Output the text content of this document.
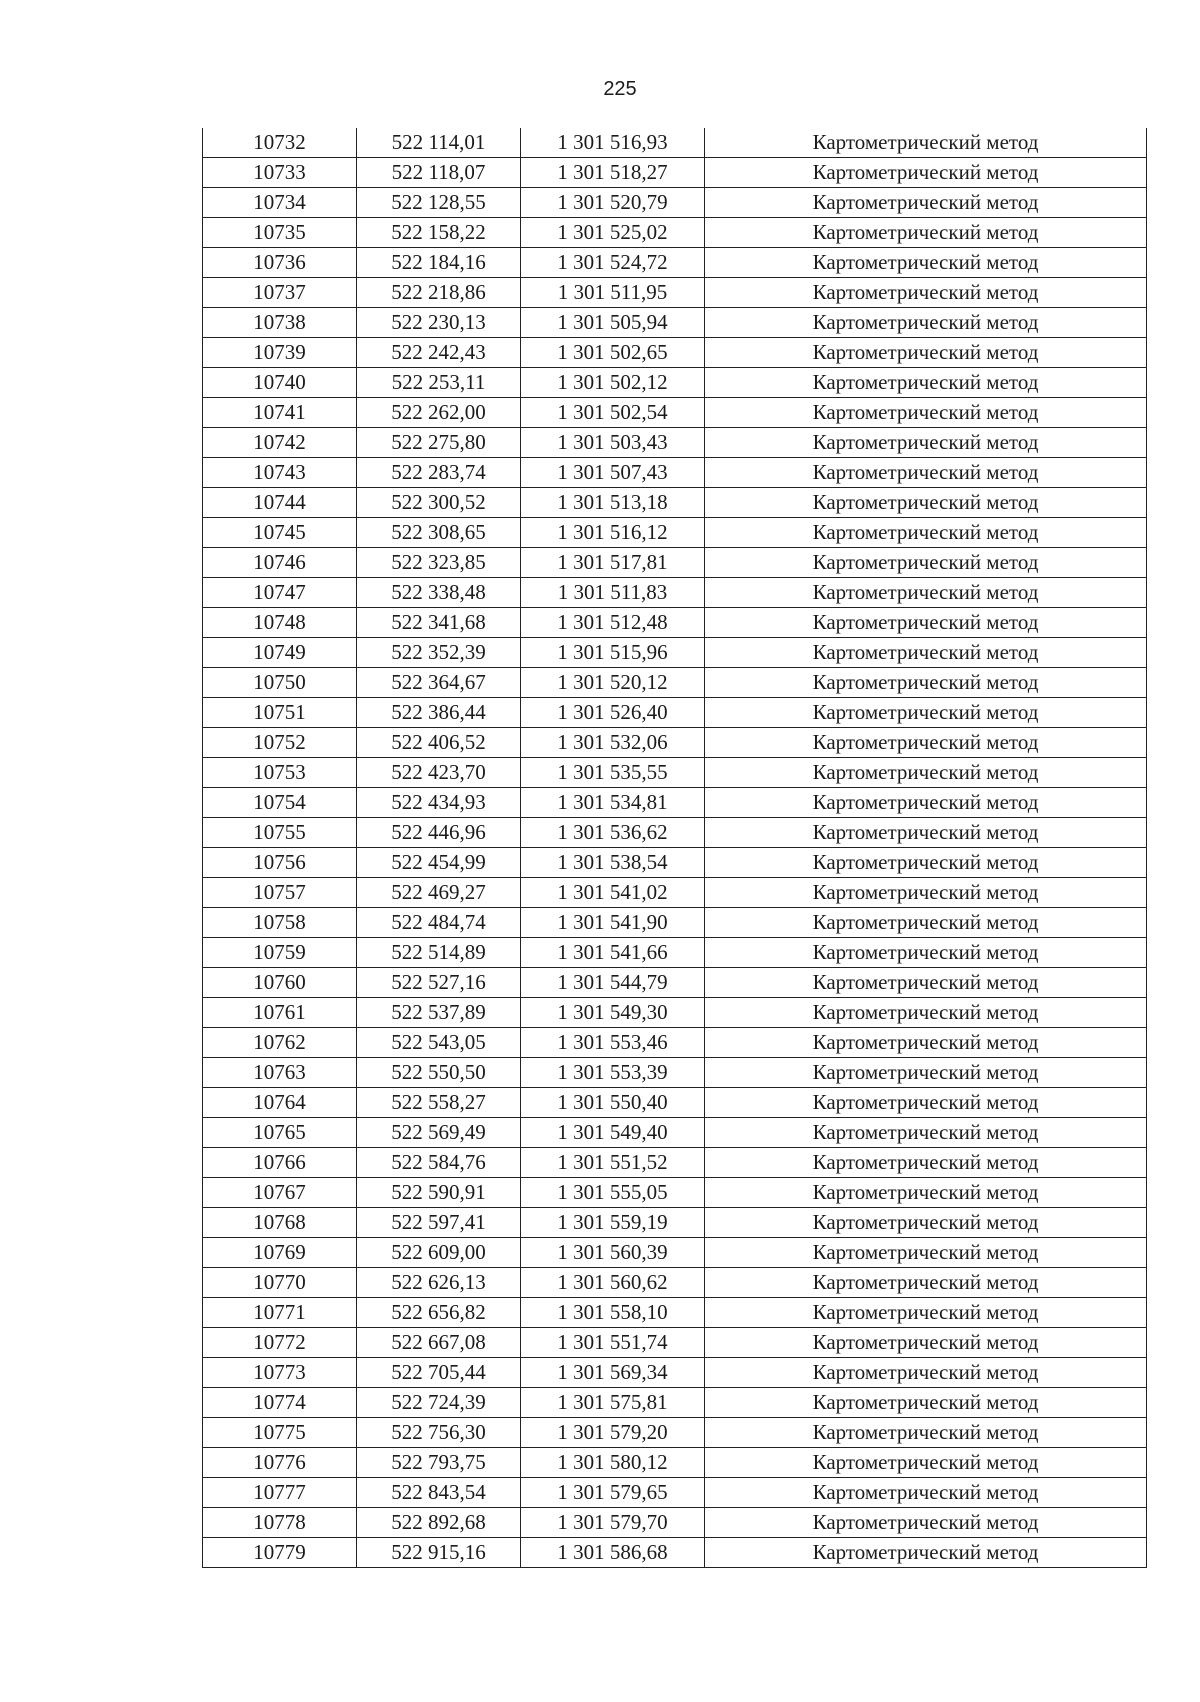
225
10732	522 114,01	1 301 516,93	Картометрический метод
10733	522 118,07	1 301 518,27	Картометрический метод
10734	522 128,55	1 301 520,79	Картометрический метод
10735	522 158,22	1 301 525,02	Картометрический метод
10736	522 184,16	1 301 524,72	Картометрический метод
10737	522 218,86	1 301 511,95	Картометрический метод
10738	522 230,13	1 301 505,94	Картометрический метод
10739	522 242,43	1 301 502,65	Картометрический метод
10740	522 253,11	1 301 502,12	Картометрический метод
10741	522 262,00	1 301 502,54	Картометрический метод
10742	522 275,80	1 301 503,43	Картометрический метод
10743	522 283,74	1 301 507,43	Картометрический метод
10744	522 300,52	1 301 513,18	Картометрический метод
10745	522 308,65	1 301 516,12	Картометрический метод
10746	522 323,85	1 301 517,81	Картометрический метод
10747	522 338,48	1 301 511,83	Картометрический метод
10748	522 341,68	1 301 512,48	Картометрический метод
10749	522 352,39	1 301 515,96	Картометрический метод
10750	522 364,67	1 301 520,12	Картометрический метод
10751	522 386,44	1 301 526,40	Картометрический метод
10752	522 406,52	1 301 532,06	Картометрический метод
10753	522 423,70	1 301 535,55	Картометрический метод
10754	522 434,93	1 301 534,81	Картометрический метод
10755	522 446,96	1 301 536,62	Картометрический метод
10756	522 454,99	1 301 538,54	Картометрический метод
10757	522 469,27	1 301 541,02	Картометрический метод
10758	522 484,74	1 301 541,90	Картометрический метод
10759	522 514,89	1 301 541,66	Картометрический метод
10760	522 527,16	1 301 544,79	Картометрический метод
10761	522 537,89	1 301 549,30	Картометрический метод
10762	522 543,05	1 301 553,46	Картометрический метод
10763	522 550,50	1 301 553,39	Картометрический метод
10764	522 558,27	1 301 550,40	Картометрический метод
10765	522 569,49	1 301 549,40	Картометрический метод
10766	522 584,76	1 301 551,52	Картометрический метод
10767	522 590,91	1 301 555,05	Картометрический метод
10768	522 597,41	1 301 559,19	Картометрический метод
10769	522 609,00	1 301 560,39	Картометрический метод
10770	522 626,13	1 301 560,62	Картометрический метод
10771	522 656,82	1 301 558,10	Картометрический метод
10772	522 667,08	1 301 551,74	Картометрический метод
10773	522 705,44	1 301 569,34	Картометрический метод
10774	522 724,39	1 301 575,81	Картометрический метод
10775	522 756,30	1 301 579,20	Картометрический метод
10776	522 793,75	1 301 580,12	Картометрический метод
10777	522 843,54	1 301 579,65	Картометрический метод
10778	522 892,68	1 301 579,70	Картометрический метод
10779	522 915,16	1 301 586,68	Картометрический метод
